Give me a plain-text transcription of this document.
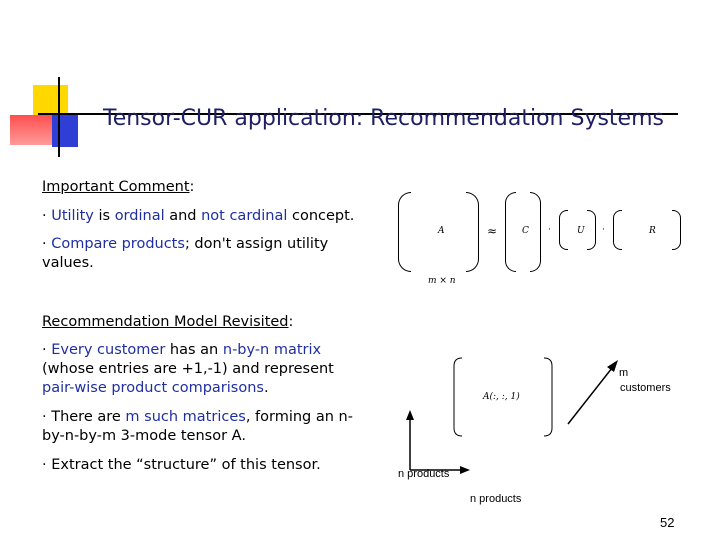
Tensor-CUR application: Recommendation Systems
Important Comment:
· Utility is ordinal and not cardinal concept.
· Compare products; don't assign utility values.
Recommendation Model Revisited:
· Every customer has an n-by-n matrix (whose entries are +1,-1) and represent pair-wise product comparisons.
· There are m such matrices, forming an n-by-n-by-m 3-mode tensor A.
· Extract the “structure” of this tensor.
A	≈	C ·	U ·	R
m × n
A(:, :, 1)
m
customers
n products
n products
52
